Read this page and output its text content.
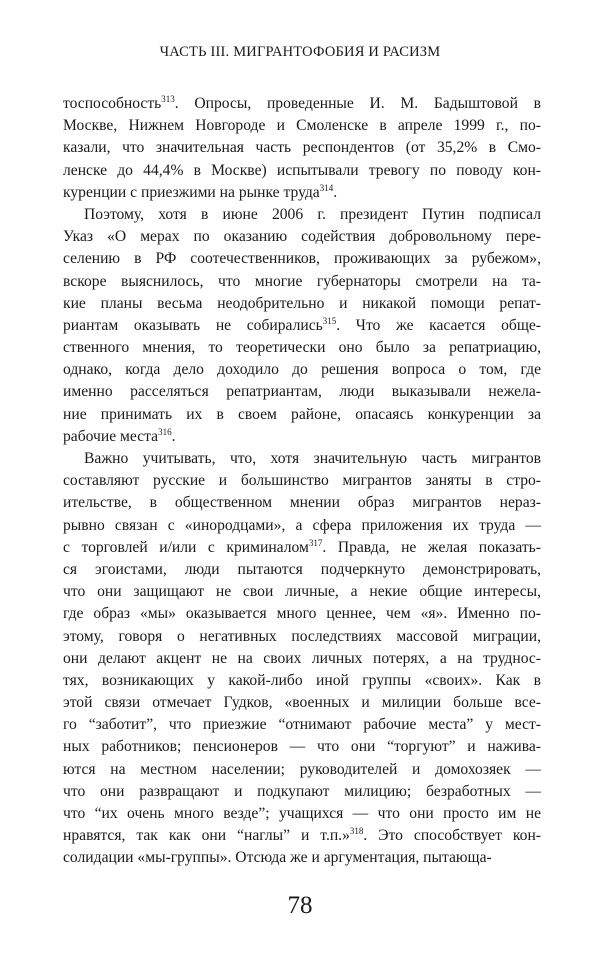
ЧАСТЬ III. МИГРАНТОФОБИЯ И РАСИЗМ
тоспособность$^{313}$. Опросы, проведенные И. М. Бадыштовой в
Москве, Нижнем Новгороде и Смоленске в апреле 1999 г., по-
казали, что значительная часть респондентов (от 35,2% в Смо-
ленске до 44,4% в Москве) испытывали тревогу по поводу кон-
куренции с приезжими на рынке труда$^{314}$.
Поэтому, хотя в июне 2006 г. президент Путин подписал
Указ «О мерах по оказанию содействия добровольному пере-
селению в РФ соотечественников, проживающих за рубежом»,
вскоре выяснилось, что многие губернаторы смотрели на та-
кие планы весьма неодобрительно и никакой помощи репат-
риантам оказывать не собирались$^{315}$. Что же касается обще-
ственного мнения, то теоретически оно было за репатриацию,
однако, когда дело доходило до решения вопроса о том, где
именно расселяться репатриантам, люди выказывали нежела-
ние принимать их в своем районе, опасаясь конкуренции за
рабочие места$^{316}$.
Важно учитывать, что, хотя значительную часть мигрантов
составляют русские и большинство мигрантов заняты в стро-
ительстве, в общественном мнении образ мигрантов нераз-
рывно связан с «инородцами», а сфера приложения их труда —
с торговлей и/или с криминалом$^{317}$. Правда, не желая показать-
ся эгоистами, люди пытаются подчеркнуто демонстрировать,
что они защищают не свои личные, а некие общие интересы,
где образ «мы» оказывается много ценнее, чем «я». Именно по-
этому, говоря о негативных последствиях массовой миграции,
они делают акцент не на своих личных потерях, а на труднос-
тях, возникающих у какой-либо иной группы «своих». Как в
этой связи отмечает Гудков, «военных и милиции больше все-
го “заботит”, что приезжие “отнимают рабочие места” у мест-
ных работников; пенсионеров — что они “торгуют” и нажива-
ются на местном населении; руководителей и домохозяек —
что они развращают и подкупают милицию; безработных —
что “их очень много везде”; учащихся — что они просто им не
нравятся, так как они “наглы” и т.п.»$^{318}$. Это способствует кон-
солидации «мы-группы». Отсюда же и аргументация, пытающа-
78
